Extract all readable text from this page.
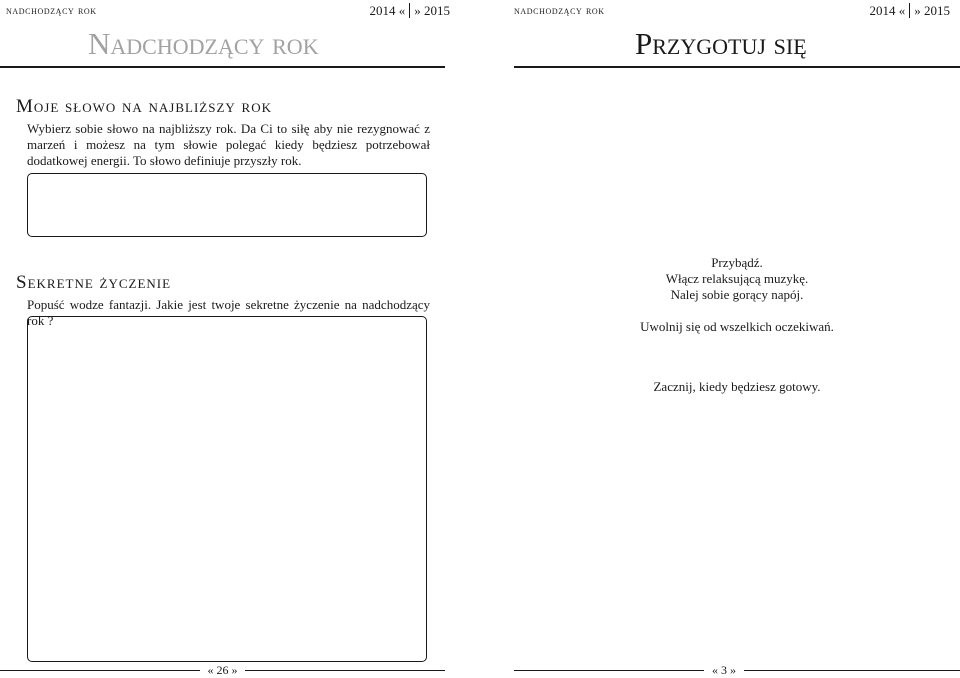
nadchodzący rok	2014 « » 2015
Nadchodzący rok
Moje słowo na najbliższy rok
Wybierz sobie słowo na najbliższy rok. Da Ci to siłę aby nie rezygnować z marzeń i możesz na tym słowie polegać kiedy będziesz potrzebował dodatkowej energii. To słowo definiuje przyszły rok.
Sekretne życzenie
Popuść wodze fantazji. Jakie jest twoje sekretne życzenie na nadchodzący rok ?
« 26 »
nadchodzący rok	2014 « » 2015
Przygotuj się
Przybądź.
Włącz relaksującą muzykę.
Nalej sobie gorący napój.
Uwolnij się od wszelkich oczekiwań.
Zacznij, kiedy będziesz gotowy.
« 3 »
